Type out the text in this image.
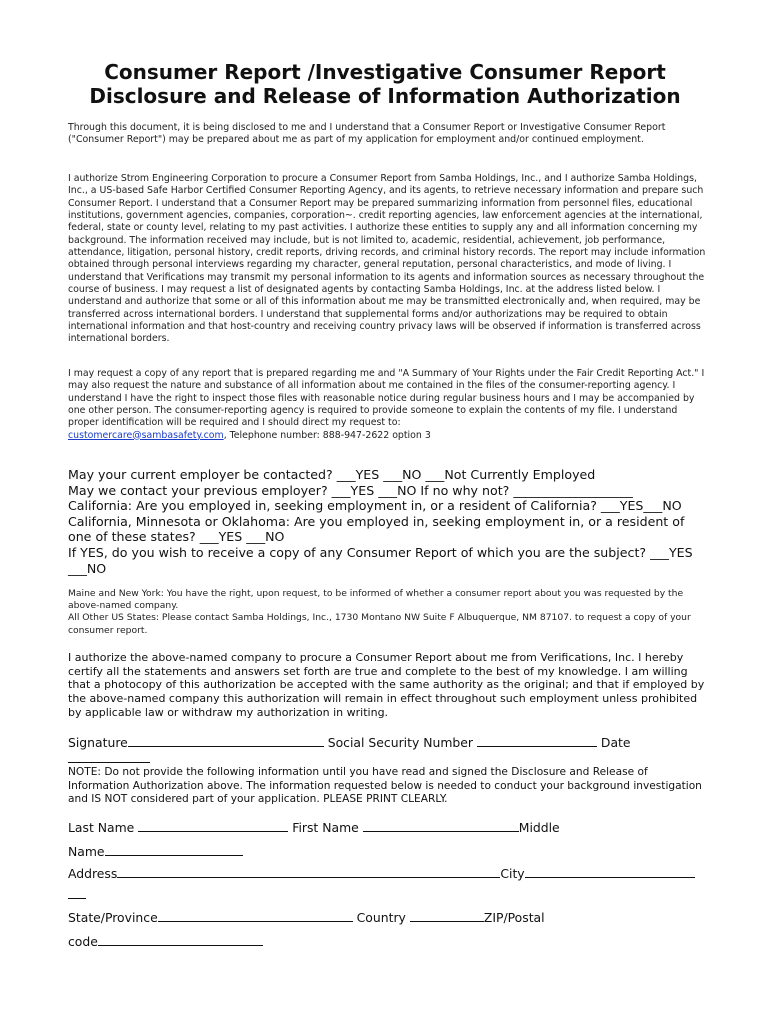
Consumer Report /Investigative Consumer Report
Disclosure and Release of Information Authorization
Through this document, it is being disclosed to me and I understand that a Consumer Report or Investigative Consumer Report ("Consumer Report") may be prepared about me as part of my application for employment and/or continued employment.
I authorize Strom Engineering Corporation to procure a Consumer Report from Samba Holdings, Inc., and I authorize Samba Holdings, Inc., a US-based Safe Harbor Certified Consumer Reporting Agency, and its agents, to retrieve necessary information and prepare such Consumer Report. I understand that a Consumer Report may be prepared summarizing information from personnel files, educational institutions, government agencies, companies, corporation~. credit reporting agencies, law enforcement agencies at the international, federal, state or county level, relating to my past activities. I authorize these entities to supply any and all information concerning my background. The information received may include, but is not limited to, academic, residential, achievement, job performance, attendance, litigation, personal history, credit reports, driving records, and criminal history records. The report may include information obtained through personal interviews regarding my character, general reputation, personal characteristics, and mode of living. I understand that Verifications may transmit my personal information to its agents and information sources as necessary throughout the course of business. I may request a list of designated agents by contacting Samba Holdings, Inc. at the address listed below. I understand and authorize that some or all of this information about me may be transmitted electronically and, when required, may be transferred across international borders. I understand that supplemental forms and/or authorizations may be required to obtain international information and that host-country and receiving country privacy laws will be observed if information is transferred across international borders.
I may request a copy of any report that is prepared regarding me and "A Summary of Your Rights under the Fair Credit Reporting Act." I may also request the nature and substance of all information about me contained in the files of the consumer-reporting agency. I understand I have the right to inspect those files with reasonable notice during regular business hours and I may be accompanied by one other person. The consumer-reporting agency is required to provide someone to explain the contents of my file. I understand proper identification will be required and I should direct my request to:
customercare@sambasafety.com, Telephone number: 888-947-2622 option 3
May your current employer be contacted? ___YES ___NO ___Not Currently Employed
May we contact your previous employer? ___YES ___NO If no why not? ___________________
California: Are you employed in, seeking employment in, or a resident of California? ___YES___NO
California, Minnesota or Oklahoma: Are you employed in, seeking employment in, or a resident of one of these states? ___YES ___NO
If YES, do you wish to receive a copy of any Consumer Report of which you are the subject? ___YES ___NO
Maine and New York: You have the right, upon request, to be informed of whether a consumer report about you was requested by the above-named company.
All Other US States: Please contact Samba Holdings, Inc., 1730 Montano NW Suite F Albuquerque, NM 87107. to request a copy of your consumer report.
I authorize the above-named company to procure a Consumer Report about me from Verifications, Inc. I hereby certify all the statements and answers set forth are true and complete to the best of my knowledge. I am willing that a photocopy of this authorization be accepted with the same authority as the original; and that if employed by the above-named company this authorization will remain in effect throughout such employment unless prohibited by applicable law or withdraw my authorization in writing.
Signature	Social Security Number	Date
NOTE: Do not provide the following information until you have read and signed the Disclosure and Release of Information Authorization above. The information requested below is needed to conduct your background investigation and IS NOT considered part of your application. PLEASE PRINT CLEARLY.
Last Name	First Name	Middle
Name
Address	City
State/Province	Country	ZIP/Postal
code
